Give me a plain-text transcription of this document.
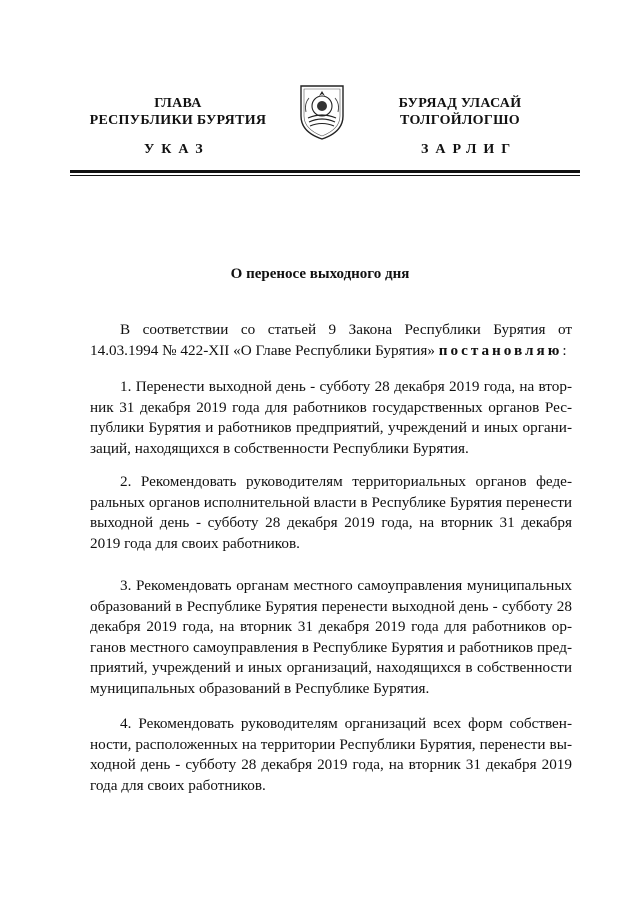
ГЛАВА
РЕСПУБЛИКИ БУРЯТИЯ
БУРЯАД УЛАСАЙ
ТОЛГОЙЛОГШО
УКАЗ	ЗАРЛИГ
О переносе выходного дня
В соответствии со статьей 9 Закона Республики Бурятия от 14.03.1994 № 422-XII «О Главе Республики Бурятия» постановляю:
1. Перенести выходной день - субботу 28 декабря 2019 года, на вторник 31 декабря 2019 года для работников государственных органов Республики Бурятия и работников предприятий, учреждений и иных организаций, находящихся в собственности Республики Бурятия.
2. Рекомендовать руководителям территориальных органов федеральных органов исполнительной власти в Республике Бурятия перенести выходной день - субботу 28 декабря 2019 года, на вторник 31 декабря 2019 года для своих работников.
3. Рекомендовать органам местного самоуправления муниципальных образований в Республике Бурятия перенести выходной день - субботу 28 декабря 2019 года, на вторник 31 декабря 2019 года для работников органов местного самоуправления в Республике Бурятия и работников предприятий, учреждений и иных организаций, находящихся в собственности муниципальных образований в Республике Бурятия.
4. Рекомендовать руководителям организаций всех форм собственности, расположенных на территории Республики Бурятия, перенести выходной день - субботу 28 декабря 2019 года, на вторник 31 декабря 2019 года для своих работников.
